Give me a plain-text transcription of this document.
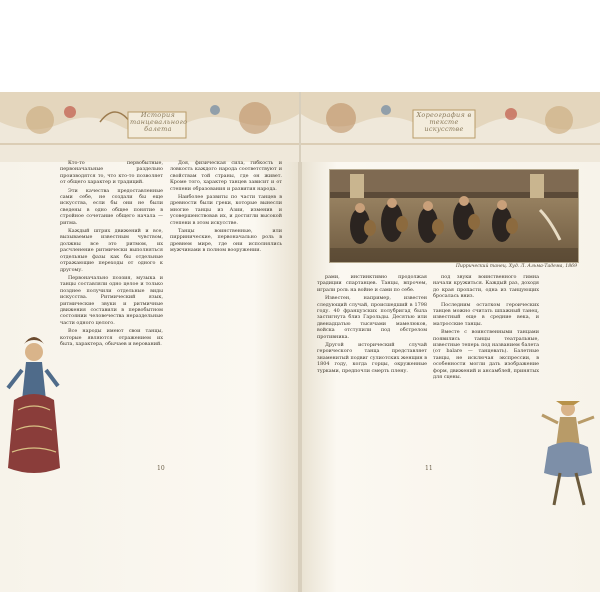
История танцевального балета
Хореография в тексте искусстве

Кто-то первобытные, первоначальные раздельно производятся то, что кто-то позволяет от общего характер и традиций.

Эти качества предоставленные сами себе, не создали бы еще искусства, если бы они не были сведены в одно общее понятие в стройное сочетание общего начала — ритма.

Каждый штрих движений и все, вызываемые известным чувством, должны все это ритмом, их расчленение ритмически выполняться отдельные фазы как бы отдельные отражающие переходы от одного к другому.

Первоначально поэзия, музыка и танцы составляли одно целое и только позднее получили отдельные виды искусства. Ритмический язык, ритмические звуки и ритмичные движения составили в первобытном состоянии человечества нераздельные части одного целого.

Все народы имеют свои танцы, которые являются отражением их быта, характера, обычаев и верований.

Доя, физическая сила, гибкость и ловкость каждого народа соответствуют и свойствам той страны, где он живет. Кроме того, характер танцев зависит и от степени образования и развития народа.

Наиболее развиты по части танцев в древности были греки, которые вынесли многие танцы из Азии, изменив и усовершенствовав их, и достигли высокой степени в этом искусстве.

Танцы воинственные, или пирринические, первоначально роль в древнем мире, где они исполнялись мужчинами в полном вооружении.

10
Пиррический танец. Худ. Л. Альма-Тадема, 1869

рами, инстинктивно продолжая традиции спартанцев. Танцы, впрочем, играли роль на войне и сами по себе.

Известен, например, известен следующий случай, происшедший в 1798 году. 40 французских полубригад была застигнута близ Гарольды. Десятью или двенадцатью тысячами мамелюков, войска отступили под обстрелом противника.

Другой исторический случай героического танца представляет знаменитый подвиг сулиотских женщин в 1804 году, когда горцы, окруженные турками, предпочли смерть плену.

под звуки воинственного гимна начали кружиться. Каждый раз, доходя до края пропасти, одна из танцующих бросалась вниз.

Последним остатком героических танцев можно считать шпажный танец, известный еще в средние века, и матросские танцы.

Вместе с воинственными танцами появились танцы театральные, известные теперь под названием балета (от balare — танцевать). Балетные танцы, не исключая экспрессии, в особенности могли дать изображение форм, движений и ансамблей, принятых для сцены.

11
